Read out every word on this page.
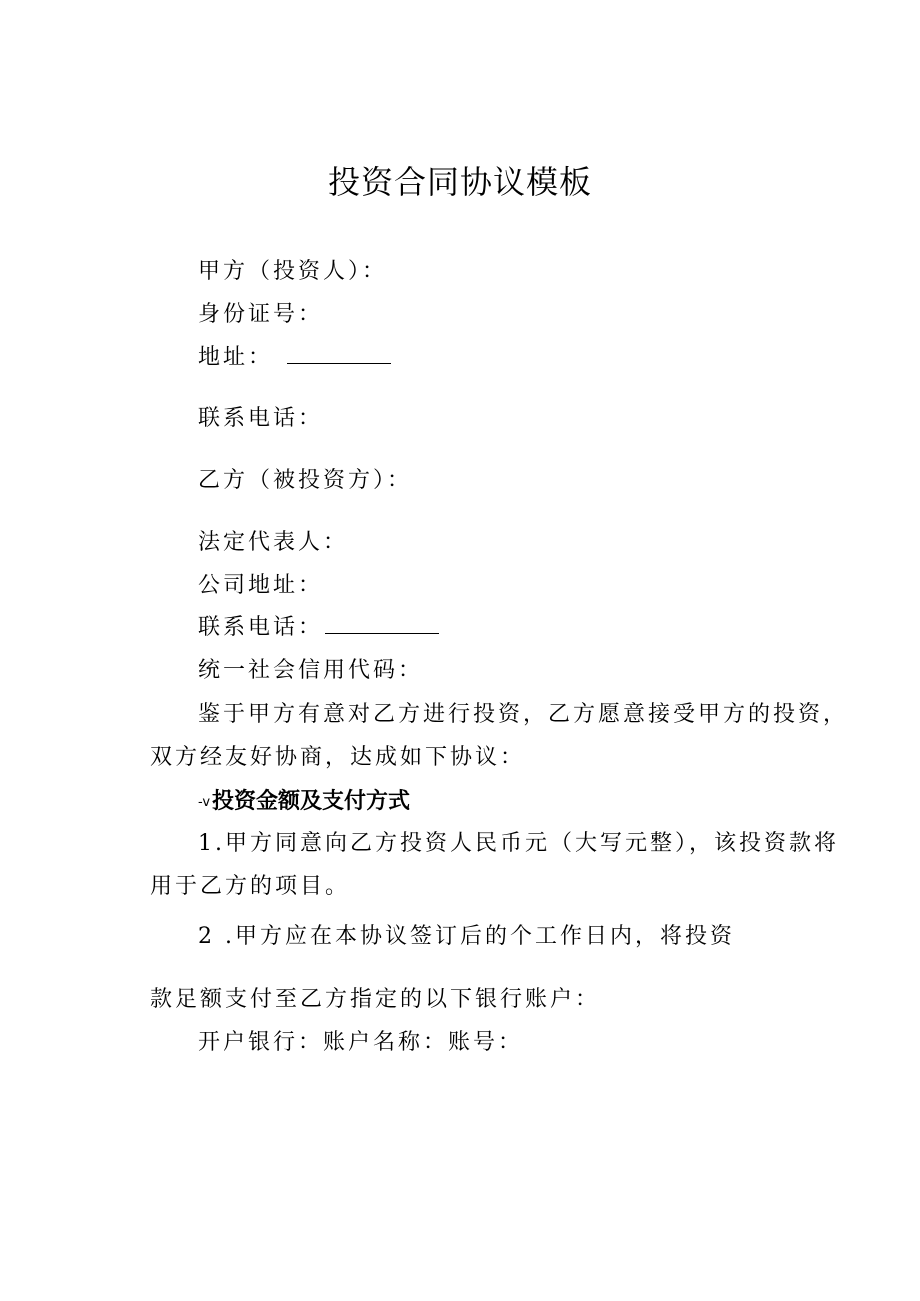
投资合同协议模板
甲方（投资人）：
身份证号：
地址：
联系电话：
乙方（被投资方）：
法定代表人：
公司地址：
联系电话：
统一社会信用代码：
鉴于甲方有意对乙方进行投资，乙方愿意接受甲方的投资，
双方经友好协商，达成如下协议：
-v投资金额及支付方式
1.甲方同意向乙方投资人民币元（大写元整），该投资款将
用于乙方的项目。
2 .甲方应在本协议签订后的个工作日内，将投资
款足额支付至乙方指定的以下银行账户：
开户银行：账户名称：账号：
